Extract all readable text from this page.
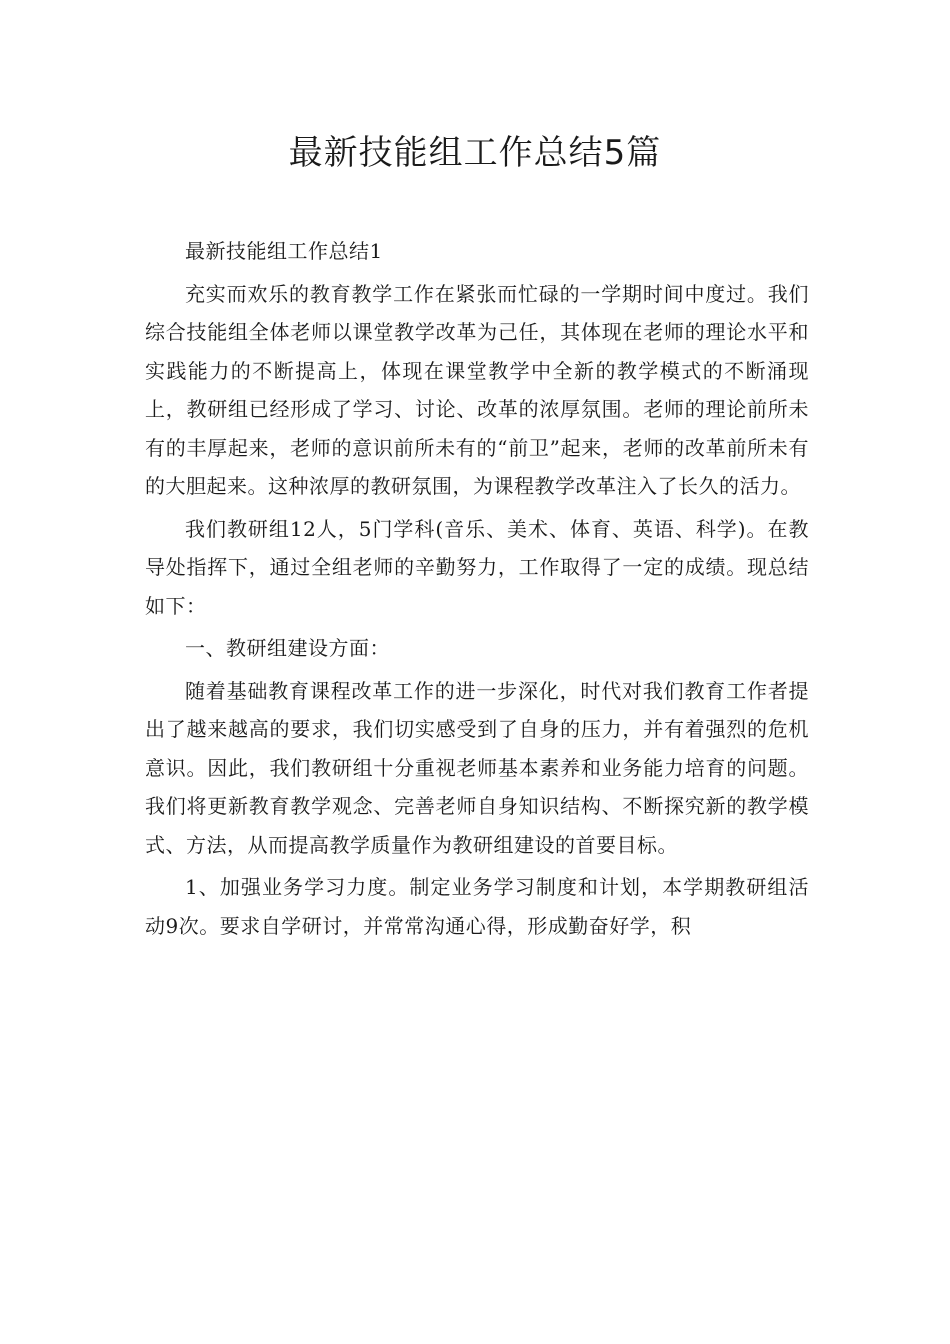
最新技能组工作总结5篇

最新技能组工作总结1

充实而欢乐的教育教学工作在紧张而忙碌的一学期时间中度过。我们综合技能组全体老师以课堂教学改革为己任，其体现在老师的理论水平和实践能力的不断提高上，体现在课堂教学中全新的教学模式的不断涌现上，教研组已经形成了学习、讨论、改革的浓厚氛围。老师的理论前所未有的丰厚起来，老师的意识前所未有的“前卫”起来，老师的改革前所未有的大胆起来。这种浓厚的教研氛围，为课程教学改革注入了长久的活力。

我们教研组12人，5门学科(音乐、美术、体育、英语、科学)。在教导处指挥下，通过全组老师的辛勤努力，工作取得了一定的成绩。现总结如下：

一、教研组建设方面：

随着基础教育课程改革工作的进一步深化，时代对我们教育工作者提出了越来越高的要求，我们切实感受到了自身的压力，并有着强烈的危机意识。因此，我们教研组十分重视老师基本素养和业务能力培育的问题。我们将更新教育教学观念、完善老师自身知识结构、不断探究新的教学模式、方法，从而提高教学质量作为教研组建设的首要目标。

1、加强业务学习力度。制定业务学习制度和计划，本学期教研组活动9次。要求自学研讨，并常常沟通心得，形成勤奋好学，积
